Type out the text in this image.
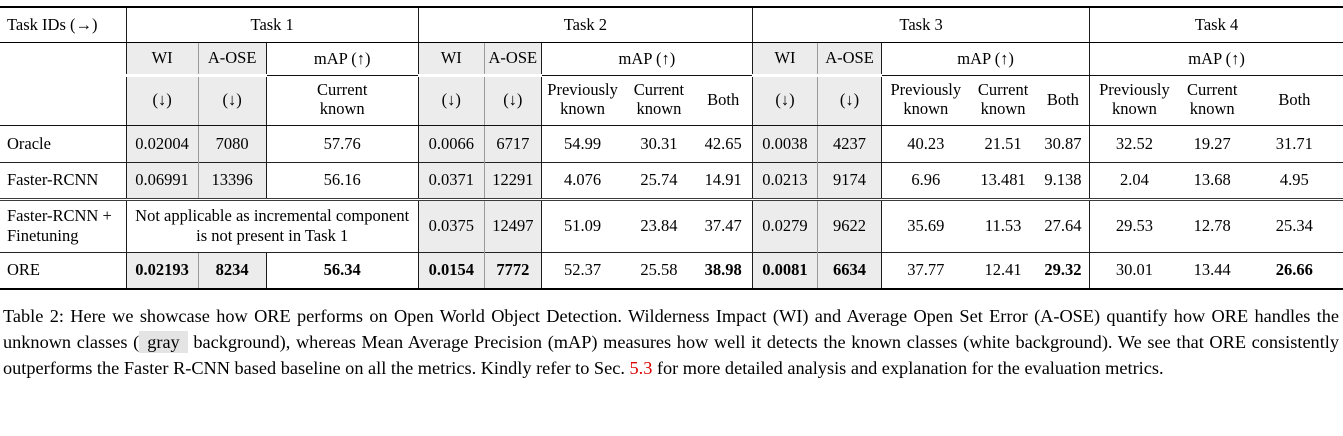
Task IDs (→)	Task 1			Task 2					Task 3					Task 4		
	WI	A-OSE	mAP (↑)	WI	A-OSE	mAP (↑)			WI	A-OSE	mAP (↑)			mAP (↑)		
	(↓)	(↓)	Current known	(↓)	(↓)	Previously known	Current known	Both	(↓)	(↓)	Previously known	Current known	Both	Previously known	Current known	Both
Oracle	0.02004	7080	57.76	0.0066	6717	54.99	30.31	42.65	0.0038	4237	40.23	21.51	30.87	32.52	19.27	31.71
Faster-RCNN	0.06991	13396	56.16	0.0371	12291	4.076	25.74	14.91	0.0213	9174	6.96	13.481	9.138	2.04	13.68	4.95
Faster-RCNN + Finetuning	Not applicable as incremental component is not present in Task 1			0.0375	12497	51.09	23.84	37.47	0.0279	9622	35.69	11.53	27.64	29.53	12.78	25.34
ORE	0.02193	8234	56.34	0.0154	7772	52.37	25.58	38.98	0.0081	6634	37.77	12.41	29.32	30.01	13.44	26.66

Table 2: Here we showcase how ORE performs on Open World Object Detection. Wilderness Impact (WI) and Average Open Set Error (A-OSE) quantify how ORE handles the unknown classes ( gray background), whereas Mean Average Precision (mAP) measures how well it detects the known classes (white background). We see that ORE consistently outperforms the Faster R-CNN based baseline on all the metrics. Kindly refer to Sec. 5.3 for more detailed analysis and explanation for the evaluation metrics.
